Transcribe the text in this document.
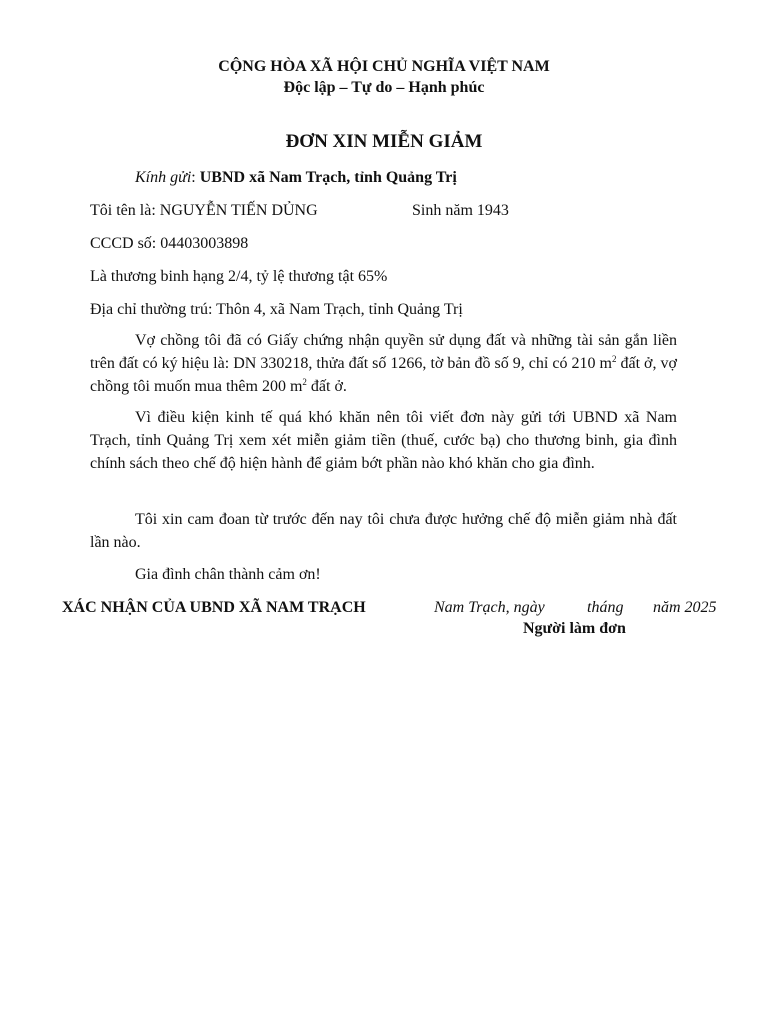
CỘNG HÒA XÃ HỘI CHỦ NGHĨA VIỆT NAM
Độc lập – Tự do – Hạnh phúc
ĐƠN XIN MIỄN GIẢM
Kính gửi: UBND xã Nam Trạch, tỉnh Quảng Trị
Tôi tên là: NGUYỄN TIẾN DỦNG	Sinh năm 1943
CCCD số: 04403003898
Là thương binh hạng 2/4, tỷ lệ thương tật 65%
Địa chỉ thường trú: Thôn 4, xã Nam Trạch, tỉnh Quảng Trị
Vợ chồng tôi đã có Giấy chứng nhận quyền sử dụng đất và những tài sản gắn liền trên đất có ký hiệu là: DN 330218, thửa đất số 1266, tờ bản đồ số 9, chỉ có 210 $m^2$ đất ở, vợ chồng tôi muốn mua thêm 200 $m^2$ đất ở.
Vì điều kiện kinh tế quá khó khăn nên tôi viết đơn này gửi tới UBND xã Nam Trạch, tỉnh Quảng Trị xem xét miễn giảm tiền (thuế, cước bạ) cho thương binh, gia đình chính sách theo chế độ hiện hành để giảm bớt phần nào khó khăn cho gia đình.
Tôi xin cam đoan từ trước đến nay tôi chưa được hưởng chế độ miễn giảm nhà đất lần nào.
Gia đình chân thành cảm ơn!
XÁC NHẬN CỦA UBND XÃ NAM TRẠCH	Nam Trạch, ngày	tháng năm 2025
Người làm đơn
